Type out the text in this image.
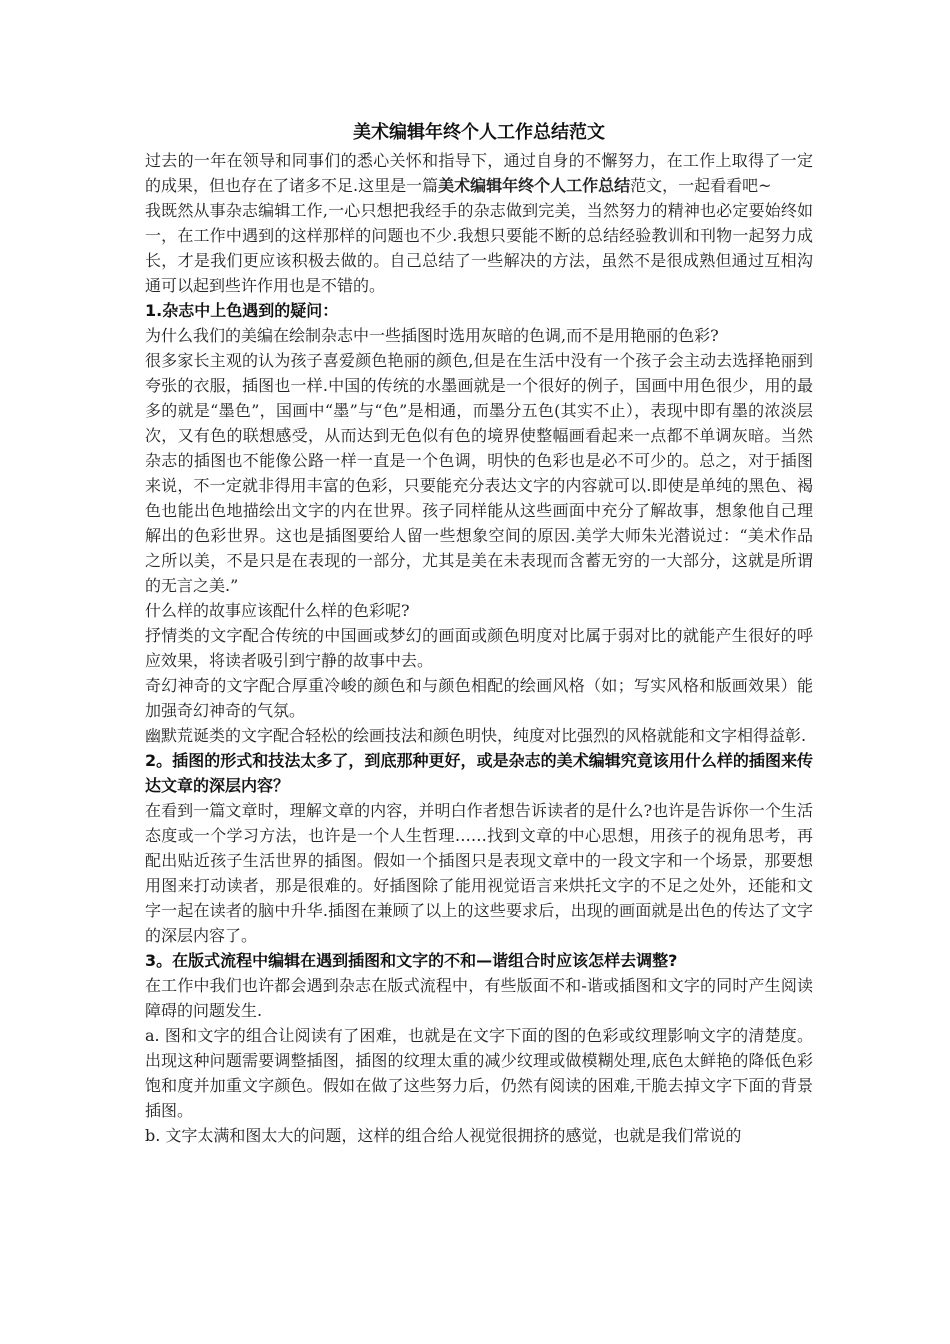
美术编辑年终个人工作总结范文

过去的一年在领导和同事们的悉心关怀和指导下，通过自身的不懈努力，在工作上取得了一定的成果，但也存在了诸多不足.这里是一篇美术编辑年终个人工作总结范文，一起看看吧~

我既然从事杂志编辑工作,一心只想把我经手的杂志做到完美，当然努力的精神也必定要始终如一，在工作中遇到的这样那样的问题也不少.我想只要能不断的总结经验教训和刊物一起努力成长，才是我们更应该积极去做的。自己总结了一些解决的方法，虽然不是很成熟但通过互相沟通可以起到些许作用也是不错的。

1.杂志中上色遇到的疑问：

为什么我们的美编在绘制杂志中一些插图时选用灰暗的色调,而不是用艳丽的色彩?

很多家长主观的认为孩子喜爱颜色艳丽的颜色,但是在生活中没有一个孩子会主动去选择艳丽到夸张的衣服，插图也一样.中国的传统的水墨画就是一个很好的例子，国画中用色很少，用的最多的就是“墨色”，国画中“墨”与“色”是相通，而墨分五色(其实不止），表现中即有墨的浓淡层次，又有色的联想感受，从而达到无色似有色的境界使整幅画看起来一点都不单调灰暗。当然杂志的插图也不能像公路一样一直是一个色调，明快的色彩也是必不可少的。总之，对于插图来说，不一定就非得用丰富的色彩，只要能充分表达文字的内容就可以.即使是单纯的黑色、褐色也能出色地描绘出文字的内在世界。孩子同样能从这些画面中充分了解故事，想象他自己理解出的色彩世界。这也是插图要给人留一些想象空间的原因.美学大师朱光潜说过：“美术作品之所以美，不是只是在表现的一部分，尤其是美在未表现而含蓄无穷的一大部分，这就是所谓的无言之美.”

什么样的故事应该配什么样的色彩呢?

抒情类的文字配合传统的中国画或梦幻的画面或颜色明度对比属于弱对比的就能产生很好的呼应效果，将读者吸引到宁静的故事中去。

奇幻神奇的文字配合厚重冷峻的颜色和与颜色相配的绘画风格（如；写实风格和版画效果）能加强奇幻神奇的气氛。

幽默荒诞类的文字配合轻松的绘画技法和颜色明快，纯度对比强烈的风格就能和文字相得益彰.

2。插图的形式和技法太多了，到底那种更好，或是杂志的美术编辑究竟该用什么样的插图来传达文章的深层内容？

在看到一篇文章时，理解文章的内容，并明白作者想告诉读者的是什么?也许是告诉你一个生活态度或一个学习方法，也许是一个人生哲理……找到文章的中心思想，用孩子的视角思考，再配出贴近孩子生活世界的插图。假如一个插图只是表现文章中的一段文字和一个场景，那要想用图来打动读者，那是很难的。好插图除了能用视觉语言来烘托文字的不足之处外，还能和文字一起在读者的脑中升华.插图在兼顾了以上的这些要求后，出现的画面就是出色的传达了文字的深层内容了。

3。在版式流程中编辑在遇到插图和文字的不和—谐组合时应该怎样去调整?

在工作中我们也许都会遇到杂志在版式流程中，有些版面不和-谐或插图和文字的同时产生阅读障碍的问题发生.

a. 图和文字的组合让阅读有了困难，也就是在文字下面的图的色彩或纹理影响文字的清楚度。出现这种问题需要调整插图，插图的纹理太重的减少纹理或做模糊处理,底色太鲜艳的降低色彩饱和度并加重文字颜色。假如在做了这些努力后，仍然有阅读的困难,干脆去掉文字下面的背景插图。

b. 文字太满和图太大的问题，这样的组合给人视觉很拥挤的感觉，也就是我们常说的
